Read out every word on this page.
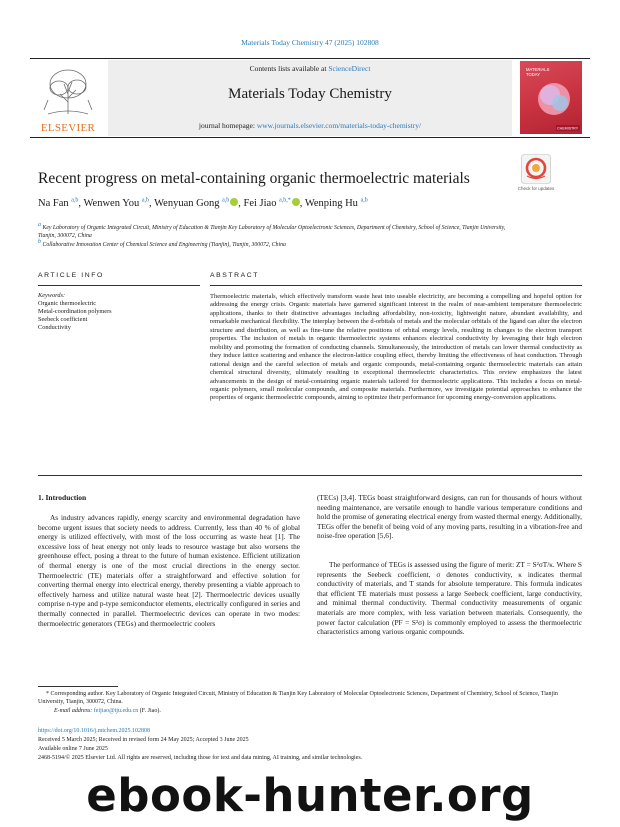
Materials Today Chemistry 47 (2025) 102808
ELSEVIER
Contents lists available at ScienceDirect
Materials Today Chemistry
journal homepage: www.journals.elsevier.com/materials-today-chemistry/
MATERIALS
TODAY
CHEMISTRY
Check for updates
Recent progress on metal-containing organic thermoelectric materials
Na Fan $^{a,b}$, Wenwen You $^{a,b}$, Wenyuan Gong $^{a,b}$ , Fei Jiao $^{a,b,*}$ , Wenping Hu $^{a,b}$
$^a$ Key Laboratory of Organic Integrated Circuit, Ministry of Education & Tianjin Key Laboratory of Molecular Optoelectronic Sciences, Department of Chemistry, School of Science, Tianjin University, Tianjin, 300072, China
$^b$ Collaborative Innovation Center of Chemical Science and Engineering (Tianjin), Tianjin, 300072, China
ARTICLE INFO	ABSTRACT
Keywords:
Organic thermoelectric
Metal-coordination polymers
Seebeck coefficient
Conductivity
Thermoelectric materials, which effectively transform waste heat into useable electricity, are becoming a compelling and hopeful option for addressing the energy crisis. Organic materials have garnered significant interest in the realm of near-ambient temperature thermoelectric applications, thanks to their distinctive advantages including affordability, non-toxicity, lightweight nature, abundant availability, and remarkable mechanical flexibility. The interplay between the d-orbitals of metals and the molecular orbitals of the ligand can alter the electron structure and distribution, as well as fine-tune the relative positions of orbital energy levels, resulting in changes to the electron transport properties. The inclusion of metals in organic thermoelectric systems enhances electrical conductivity by leveraging their high electron mobility and promoting the formation of conducting channels. Simultaneously, the introduction of metals can lower thermal conductivity as they induce lattice scattering and enhance the electron-lattice coupling effect, thereby limiting the effectiveness of heat conduction. Through rational design and the careful selection of metals and organic compounds, metal-containing organic thermoelectric materials can attain chemical structural diversity, ultimately resulting in exceptional thermoelectric characteristics. This review emphasizes the latest advancements in the design of metal-containing organic materials tailored for thermoelectric applications. This includes a focus on metal-organic polymers, small molecular compounds, and composite materials. Furthermore, we investigate potential approaches to enhance the properties of organic thermoelectric compounds, aiming to optimize their performance for upcoming energy-conversion applications.
1. Introduction
As industry advances rapidly, energy scarcity and environmental degradation have become urgent issues that society needs to address. Currently, less than 40 % of global energy is utilized effectively, with most of the loss occurring as waste heat [1]. The excessive loss of heat energy not only leads to resource wastage but also worsens the greenhouse effect, posing a threat to the future of human existence. Efficient utilization of thermal energy is one of the most crucial directions in the energy sector. Thermoelectric (TE) materials offer a straightforward and effective solution for converting thermal energy into electrical energy, thereby presenting a viable approach to effectively harness and utilize natural waste heat [2]. Thermoelectric devices usually comprise n-type and p-type semiconductor elements, electrically configured in series and thermally connected in parallel. Thermoelectric devices can operate in two modes: thermoelectric generators (TEGs) and thermoelectric coolers
(TECs) [3,4]. TEGs boast straightforward designs, can run for thousands of hours without needing maintenance, are versatile enough to handle various temperature conditions and hold the promise of generating electrical energy from wasted thermal energy. Additionally, TEGs offer the benefit of being void of any moving parts, resulting in a vibration-free and noise-free operation [5,6].
The performance of TEGs is assessed using the figure of merit: ZT = S²σT/κ. Where S represents the Seebeck coefficient, σ denotes conductivity, κ indicates thermal conductivity of materials, and T stands for absolute temperature. This formula indicates that efficient TE materials must possess a large Seebeck coefficient, large conductivity, and minimal thermal conductivity. Thermal conductivity measurements of organic materials are more complex, with less variation between materials. Consequently, the power factor calculation (PF = S²σ) is commonly employed to assess the thermoelectric characteristics among various organic compounds.
* Corresponding author. Key Laboratory of Organic Integrated Circuit, Ministry of Education & Tianjin Key Laboratory of Molecular Optoelectronic Sciences, Department of Chemistry, School of Science, Tianjin University, Tianjin, 300072, China.
E-mail address: feijiao@tju.edu.cn (F. Jiao).
https://doi.org/10.1016/j.mtchem.2025.102808
Received 5 March 2025; Received in revised form 24 May 2025; Accepted 3 June 2025
Available online 7 June 2025
2468-5194/© 2025 Elsevier Ltd. All rights are reserved, including those for text and data mining, AI training, and similar technologies.
ebook-hunter.org
